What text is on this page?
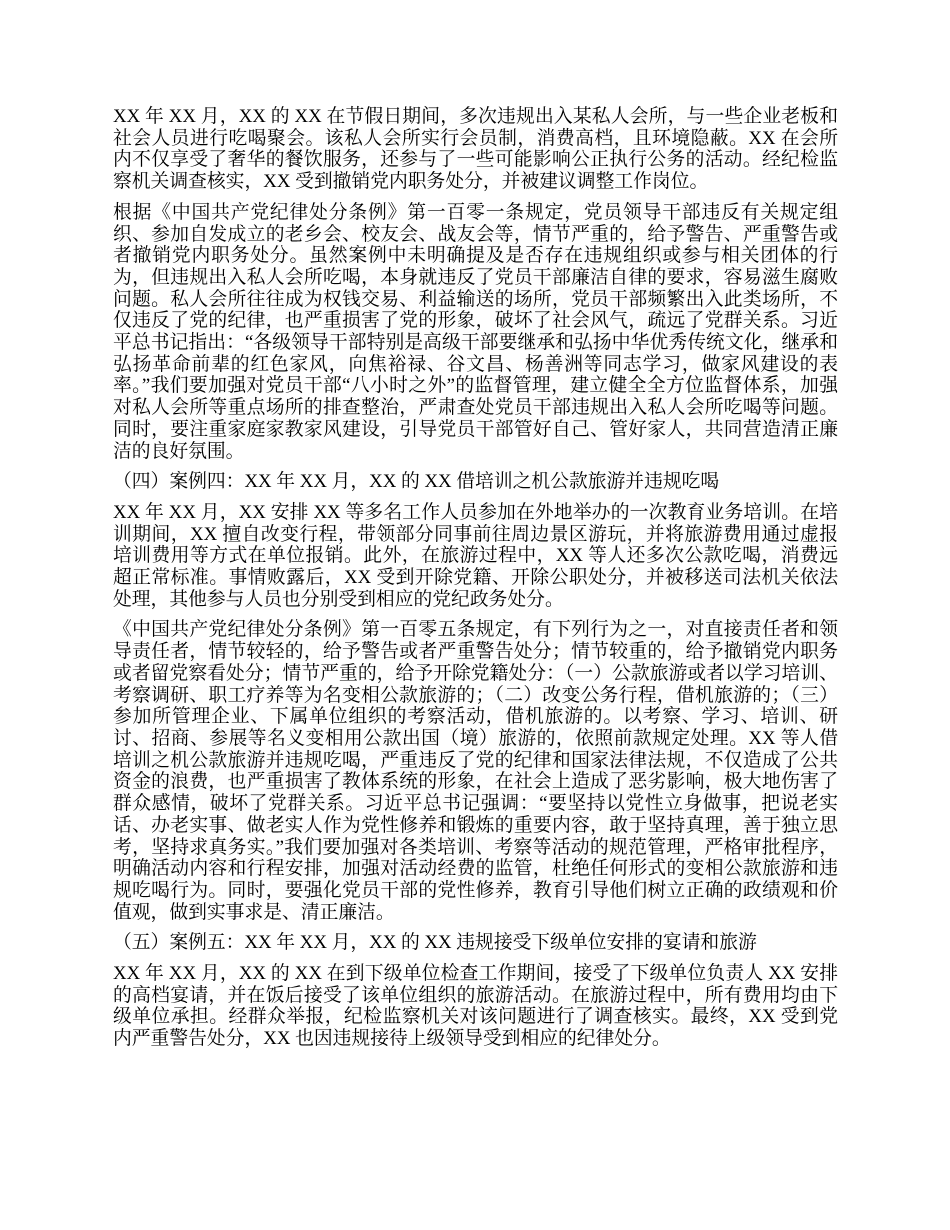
XX 年 XX 月，XX 的 XX 在节假日期间，多次违规出入某私人会所，与一些企业老板和社会人员进行吃喝聚会。该私人会所实行会员制，消费高档，且环境隐蔽。XX 在会所内不仅享受了奢华的餐饮服务，还参与了一些可能影响公正执行公务的活动。经纪检监察机关调查核实，XX 受到撤销党内职务处分，并被建议调整工作岗位。

根据《中国共产党纪律处分条例》第一百零一条规定，党员领导干部违反有关规定组织、参加自发成立的老乡会、校友会、战友会等，情节严重的，给予警告、严重警告或者撤销党内职务处分。虽然案例中未明确提及是否存在违规组织或参与相关团体的行为，但违规出入私人会所吃喝，本身就违反了党员干部廉洁自律的要求，容易滋生腐败问题。私人会所往往成为权钱交易、利益输送的场所，党员干部频繁出入此类场所，不仅违反了党的纪律，也严重损害了党的形象，破坏了社会风气，疏远了党群关系。习近平总书记指出：“各级领导干部特别是高级干部要继承和弘扬中华优秀传统文化，继承和弘扬革命前辈的红色家风，向焦裕禄、谷文昌、杨善洲等同志学习，做家风建设的表率。”我们要加强对党员干部“八小时之外”的监督管理，建立健全全方位监督体系，加强对私人会所等重点场所的排查整治，严肃查处党员干部违规出入私人会所吃喝等问题。同时，要注重家庭家教家风建设，引导党员干部管好自己、管好家人，共同营造清正廉洁的良好氛围。

（四）案例四：XX 年 XX 月，XX 的 XX 借培训之机公款旅游并违规吃喝

XX 年 XX 月，XX 安排 XX 等多名工作人员参加在外地举办的一次教育业务培训。在培训期间，XX 擅自改变行程，带领部分同事前往周边景区游玩，并将旅游费用通过虚报培训费用等方式在单位报销。此外，在旅游过程中，XX 等人还多次公款吃喝，消费远超正常标准。事情败露后，XX 受到开除党籍、开除公职处分，并被移送司法机关依法处理，其他参与人员也分别受到相应的党纪政务处分。

《中国共产党纪律处分条例》第一百零五条规定，有下列行为之一，对直接责任者和领导责任者，情节较轻的，给予警告或者严重警告处分；情节较重的，给予撤销党内职务或者留党察看处分；情节严重的，给予开除党籍处分：（一）公款旅游或者以学习培训、考察调研、职工疗养等为名变相公款旅游的；（二）改变公务行程，借机旅游的；（三）参加所管理企业、下属单位组织的考察活动，借机旅游的。以考察、学习、培训、研讨、招商、参展等名义变相用公款出国（境）旅游的，依照前款规定处理。XX 等人借培训之机公款旅游并违规吃喝，严重违反了党的纪律和国家法律法规，不仅造成了公共资金的浪费，也严重损害了教体系统的形象，在社会上造成了恶劣影响，极大地伤害了群众感情，破坏了党群关系。习近平总书记强调：“要坚持以党性立身做事，把说老实话、办老实事、做老实人作为党性修养和锻炼的重要内容，敢于坚持真理，善于独立思考，坚持求真务实。”我们要加强对各类培训、考察等活动的规范管理，严格审批程序，明确活动内容和行程安排，加强对活动经费的监管，杜绝任何形式的变相公款旅游和违规吃喝行为。同时，要强化党员干部的党性修养，教育引导他们树立正确的政绩观和价值观，做到实事求是、清正廉洁。

（五）案例五：XX 年 XX 月，XX 的 XX 违规接受下级单位安排的宴请和旅游

XX 年 XX 月，XX 的 XX 在到下级单位检查工作期间，接受了下级单位负责人 XX 安排的高档宴请，并在饭后接受了该单位组织的旅游活动。在旅游过程中，所有费用均由下级单位承担。经群众举报，纪检监察机关对该问题进行了调查核实。最终，XX 受到党内严重警告处分，XX 也因违规接待上级领导受到相应的纪律处分。
